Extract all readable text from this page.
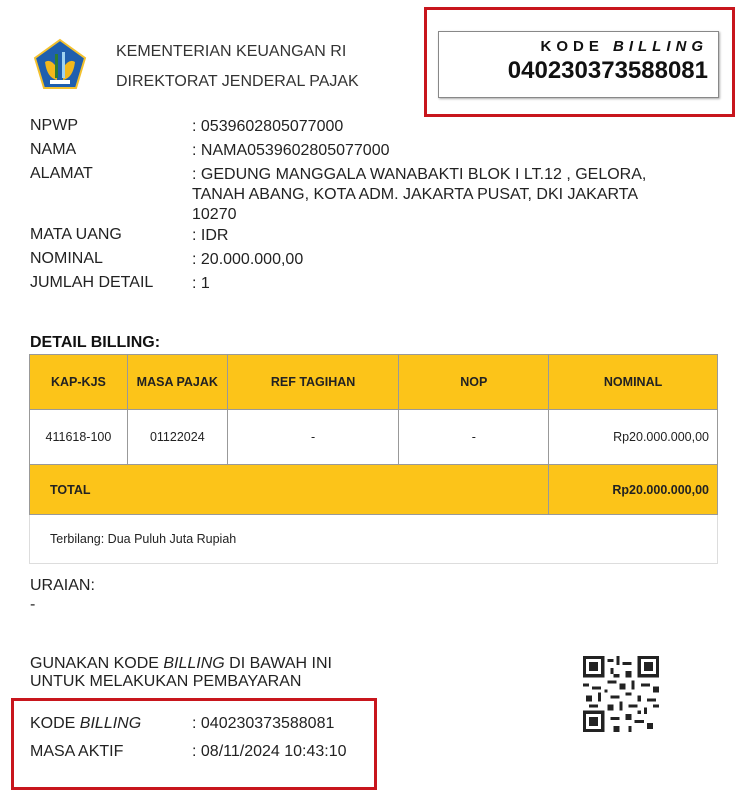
KEMENTERIAN KEUANGAN RI
DIREKTORAT JENDERAL PAJAK
KODE BILLING
040230373588081
NPWP	: 053960280507700​0
NAMA	: NAMA0539602805077000
ALAMAT	: GEDUNG MANGGALA WANABAKTI BLOK I LT.12 , GELORA, TANAH ABANG, KOTA ADM. JAKARTA PUSAT, DKI JAKARTA 10270
MATA UANG	: IDR
NOMINAL	: 20.000.000,00
JUMLAH DETAIL	: 1
DETAIL BILLING:
KAP-KJS	MASA PAJAK	REF TAGIHAN	NOP	NOMINAL
411618-100	01122024	-	-	Rp20.000.000,00
TOTAL				Rp20.000.000,00
Terbilang: Dua Puluh Juta Rupiah				
URAIAN:
-
GUNAKAN KODE BILLING DI BAWAH INI
UNTUK MELAKUKAN PEMBAYARAN
KODE BILLING	: 040230373588081
MASA AKTIF	: 08/11/2024 10:43:10
